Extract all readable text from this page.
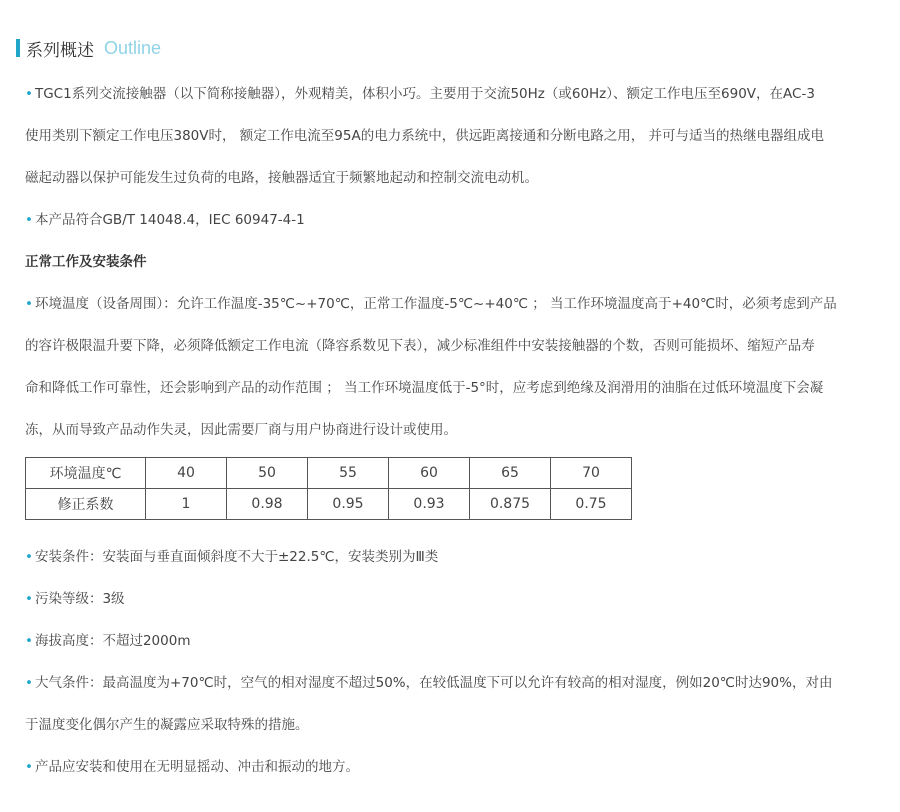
系列概述 Outline
• TGC1系列交流接触器（以下简称接触器），外观精美，体积小巧。主要用于交流50Hz（或60Hz）、额定工作电压至690V，在AC-3
使用类别下额定工作电压380V时， 额定工作电流至95A的电力系统中，供远距离接通和分断电路之用， 并可与适当的热继电器组成电
磁起动器以保护可能发生过负荷的电路，接触器适宜于频繁地起动和控制交流电动机。
• 本产品符合GB/T 14048.4，IEC 60947-4-1
正常工作及安装条件
• 环境温度（设备周围）：允许工作温度-35℃~+70℃，正常工作温度-5℃~+40℃ ； 当工作环境温度高于+40℃时，必须考虑到产品
的容许极限温升要下降，必须降低额定工作电流（降容系数见下表），减少标准组件中安装接触器的个数，否则可能损坏、缩短产品寿
命和降低工作可靠性，还会影响到产品的动作范围 ； 当工作环境温度低于-5°时，应考虑到绝缘及润滑用的油脂在过低环境温度下会凝
冻，从而导致产品动作失灵，因此需要厂商与用户协商进行设计或使用。
环境温度℃	40	50	55	60	65	70
修正系数	1	0.98	0.95	0.93	0.875	0.75
• 安装条件：安装面与垂直面倾斜度不大于±22.5℃，安装类别为Ⅲ类
• 污染等级：3级
• 海拔高度：不超过2000m
• 大气条件：最高温度为+70℃时，空气的相对湿度不超过50%，在较低温度下可以允许有较高的相对湿度，例如20℃时达90%，对由
于温度变化偶尔产生的凝露应采取特殊的措施。
• 产品应安装和使用在无明显摇动、冲击和振动的地方。
